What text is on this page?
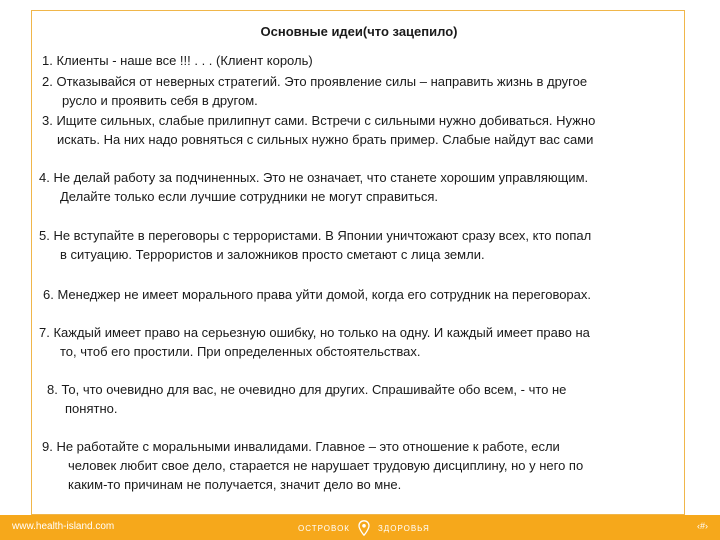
Основные идеи(что зацепило)
1. Клиенты - наше все !!! . . . (Клиент король)
2. Отказывайся от неверных стратегий. Это проявление силы – направить жизнь в другое
русло и проявить себя в другом.
3. Ищите сильных, слабые прилипнут сами. Встречи с сильными нужно добиваться. Нужно
искать. На них надо ровняться с сильных нужно брать пример. Слабые найдут вас сами
4. Не делай работу за подчиненных. Это не означает, что станете хорошим управляющим.
Делайте только если лучшие сотрудники не могут справиться.
5. Не вступайте в переговоры с террористами. В Японии уничтожают сразу всех, кто попал
в ситуацию. Террористов и заложников просто сметают с лица земли.
6. Менеджер не имеет морального права уйти домой, когда его сотрудник на переговорах.
7. Каждый имеет право на серьезную ошибку, но только на одну. И каждый имеет право на
то, чтоб его простили. При определенных обстоятельствах.
8. То, что очевидно для вас, не очевидно для других. Спрашивайте обо всем, - что не
понятно.
9. Не работайте с моральными инвалидами. Главное – это отношение к работе, если
человек любит свое дело, старается не нарушает трудовую дисциплину, но у него по
каким-то причинам не получается, значит дело во мне.
www.health-island.com	ОСТРОВОК	ЗДОРОВЬЯ	‹#›
